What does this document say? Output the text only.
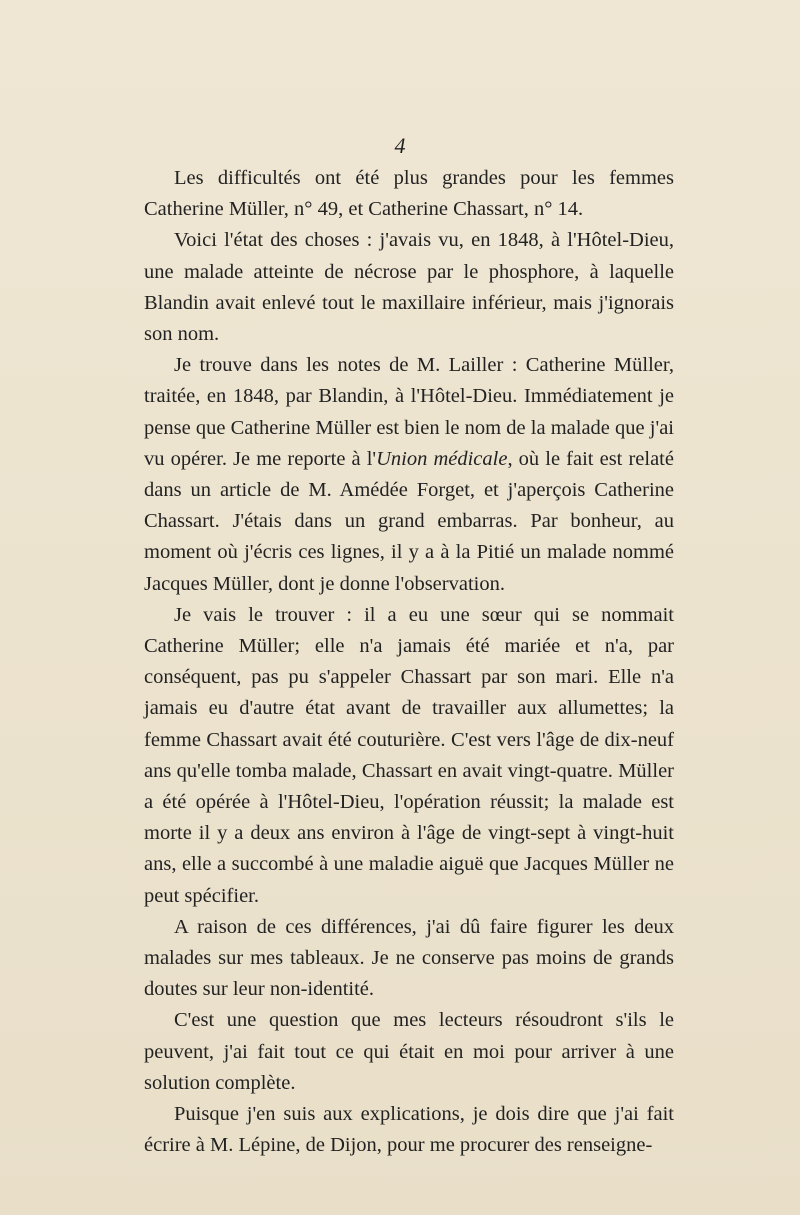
4

Les difficultés ont été plus grandes pour les femmes Catherine Müller, n° 49, et Catherine Chassart, n° 14.

Voici l'état des choses : j'avais vu, en 1848, à l'Hôtel-Dieu, une malade atteinte de nécrose par le phosphore, à laquelle Blandin avait enlevé tout le maxillaire inférieur, mais j'ignorais son nom.

Je trouve dans les notes de M. Lailler : Catherine Müller, traitée, en 1848, par Blandin, à l'Hôtel-Dieu. Immédiatement je pense que Catherine Müller est bien le nom de la malade que j'ai vu opérer. Je me reporte à l'Union médicale, où le fait est relaté dans un article de M. Amédée Forget, et j'aperçois Catherine Chassart. J'étais dans un grand embarras. Par bonheur, au moment où j'écris ces lignes, il y a à la Pitié un malade nommé Jacques Müller, dont je donne l'observation.

Je vais le trouver : il a eu une sœur qui se nommait Catherine Müller; elle n'a jamais été mariée et n'a, par conséquent, pas pu s'appeler Chassart par son mari. Elle n'a jamais eu d'autre état avant de travailler aux allumettes; la femme Chassart avait été couturière. C'est vers l'âge de dix-neuf ans qu'elle tomba malade, Chassart en avait vingt-quatre. Müller a été opérée à l'Hôtel-Dieu, l'opération réussit; la malade est morte il y a deux ans environ à l'âge de vingt-sept à vingt-huit ans, elle a succombé à une maladie aiguë que Jacques Müller ne peut spécifier.

A raison de ces différences, j'ai dû faire figurer les deux malades sur mes tableaux. Je ne conserve pas moins de grands doutes sur leur non-identité.

C'est une question que mes lecteurs résoudront s'ils le peuvent, j'ai fait tout ce qui était en moi pour arriver à une solution complète.

Puisque j'en suis aux explications, je dois dire que j'ai fait écrire à M. Lépine, de Dijon, pour me procurer des renseigne-
